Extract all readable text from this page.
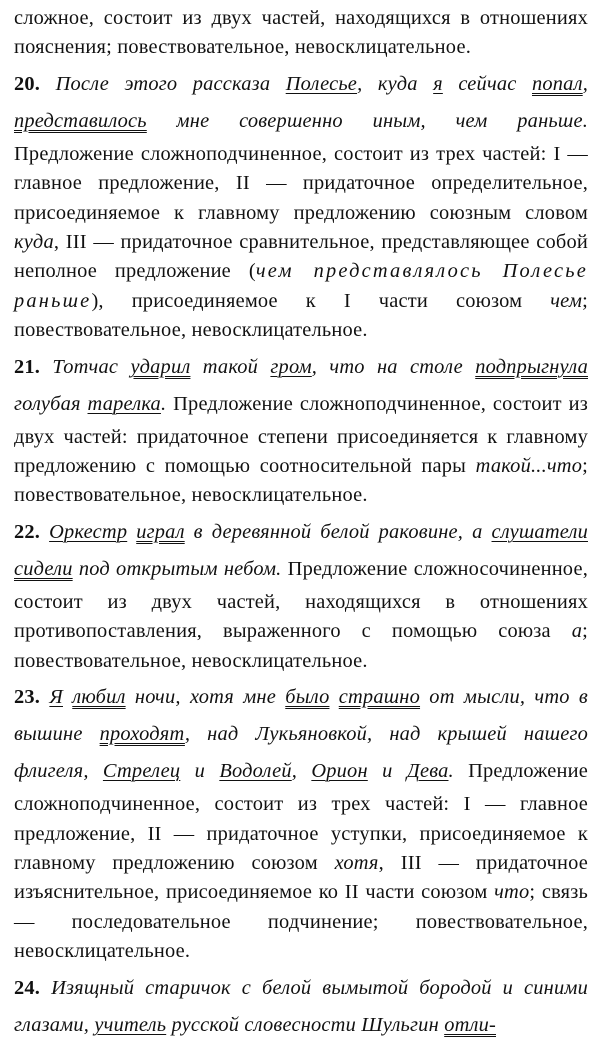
сложное, состоит из двух частей, находящихся в отношениях пояснения; повествовательное, невосклицательное.

20. После этого рассказа Полесье, куда я сейчас попал, представилось мне совершенно иным, чем раньше. Предложение сложноподчиненное, состоит из трех частей: I — главное предложение, II — придаточное определительное, присоединяемое к главному предложению союзным словом куда, III — придаточное сравнительное, представляющее собой неполное предложение (чем представлялось Полесье раньше), присоединяемое к I части союзом чем; повествовательное, невосклицательное.

21. Тотчас ударил такой гром, что на столе подпрыгнула голубая тарелка. Предложение сложноподчиненное, состоит из двух частей: придаточное степени присоединяется к главному предложению с помощью соотносительной пары такой...что; повествовательное, невосклицательное.

22. Оркестр играл в деревянной белой раковине, а слушатели сидели под открытым небом. Предложение сложносочиненное, состоит из двух частей, находящихся в отношениях противопоставления, выраженного с помощью союза а; повествовательное, невосклицательное.

23. Я любил ночи, хотя мне было страшно от мысли, что в вышине проходят, над Лукьяновкой, над крышей нашего флигеля, Стрелец и Водолей, Орион и Дева. Предложение сложноподчиненное, состоит из трех частей: I — главное предложение, II — придаточное уступки, присоединяемое к главному предложению союзом хотя, III — придаточное изъяснительное, присоединяемое ко II части союзом что; связь — последовательное подчинение; повествовательное, невосклицательное.

24. Изящный старичок с белой вымытой бородой и синими глазами, учитель русской словесности Шульгин отли-
